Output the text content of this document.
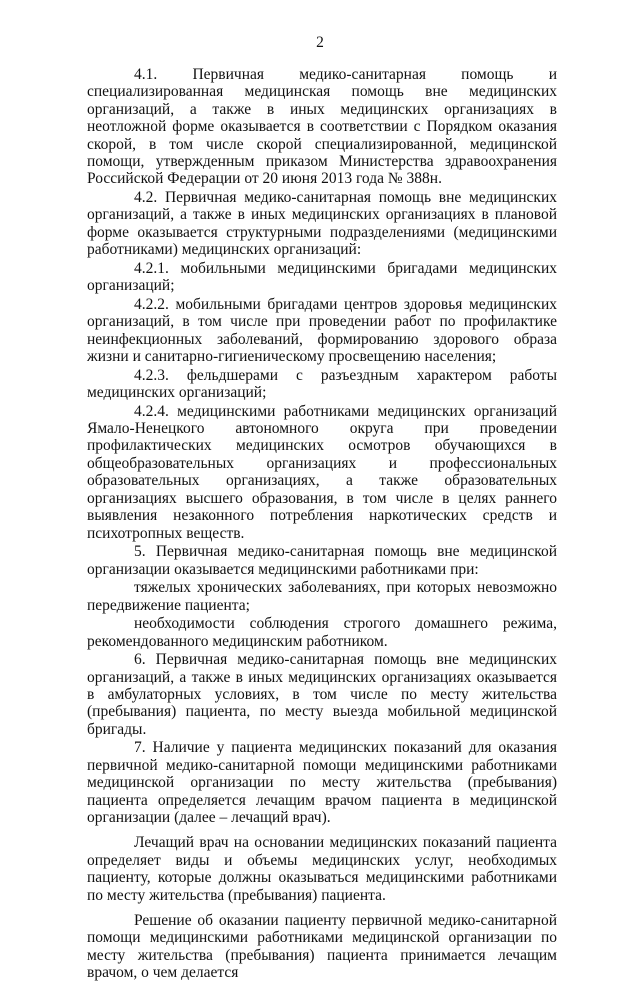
2

4.1. Первичная медико-санитарная помощь и специализированная медицинская помощь вне медицинских организаций, а также в иных медицинских организациях в неотложной форме оказывается в соответствии с Порядком оказания скорой, в том числе скорой специализированной, медицинской помощи, утвержденным приказом Министерства здравоохранения Российской Федерации от 20 июня 2013 года № 388н.

4.2. Первичная медико-санитарная помощь вне медицинских организаций, а также в иных медицинских организациях в плановой форме оказывается структурными подразделениями (медицинскими работниками) медицинских организаций:

4.2.1. мобильными медицинскими бригадами медицинских организаций;

4.2.2. мобильными бригадами центров здоровья медицинских организаций, в том числе при проведении работ по профилактике неинфекционных заболеваний, формированию здорового образа жизни и санитарно-гигиеническому просвещению населения;

4.2.3. фельдшерами с разъездным характером работы медицинских организаций;

4.2.4. медицинскими работниками медицинских организаций Ямало-Ненецкого автономного округа при проведении профилактических медицинских осмотров обучающихся в общеобразовательных организациях и профессиональных образовательных организациях, а также образовательных организациях высшего образования, в том числе в целях раннего выявления незаконного потребления наркотических средств и психотропных веществ.

5. Первичная медико-санитарная помощь вне медицинской организации оказывается медицинскими работниками при:

тяжелых хронических заболеваниях, при которых невозможно передвижение пациента;

необходимости соблюдения строгого домашнего режима, рекомендованного медицинским работником.

6. Первичная медико-санитарная помощь вне медицинских организаций, а также в иных медицинских организациях оказывается в амбулаторных условиях, в том числе по месту жительства (пребывания) пациента, по месту выезда мобильной медицинской бригады.

7. Наличие у пациента медицинских показаний для оказания первичной медико-санитарной помощи медицинскими работниками медицинской организации по месту жительства (пребывания) пациента определяется лечащим врачом пациента в медицинской организации (далее – лечащий врач).

Лечащий врач на основании медицинских показаний пациента определяет виды и объемы медицинских услуг, необходимых пациенту, которые должны оказываться медицинскими работниками по месту жительства (пребывания) пациента.

Решение об оказании пациенту первичной медико-санитарной помощи медицинскими работниками медицинской организации по месту жительства (пребывания) пациента принимается лечащим врачом, о чем делается
